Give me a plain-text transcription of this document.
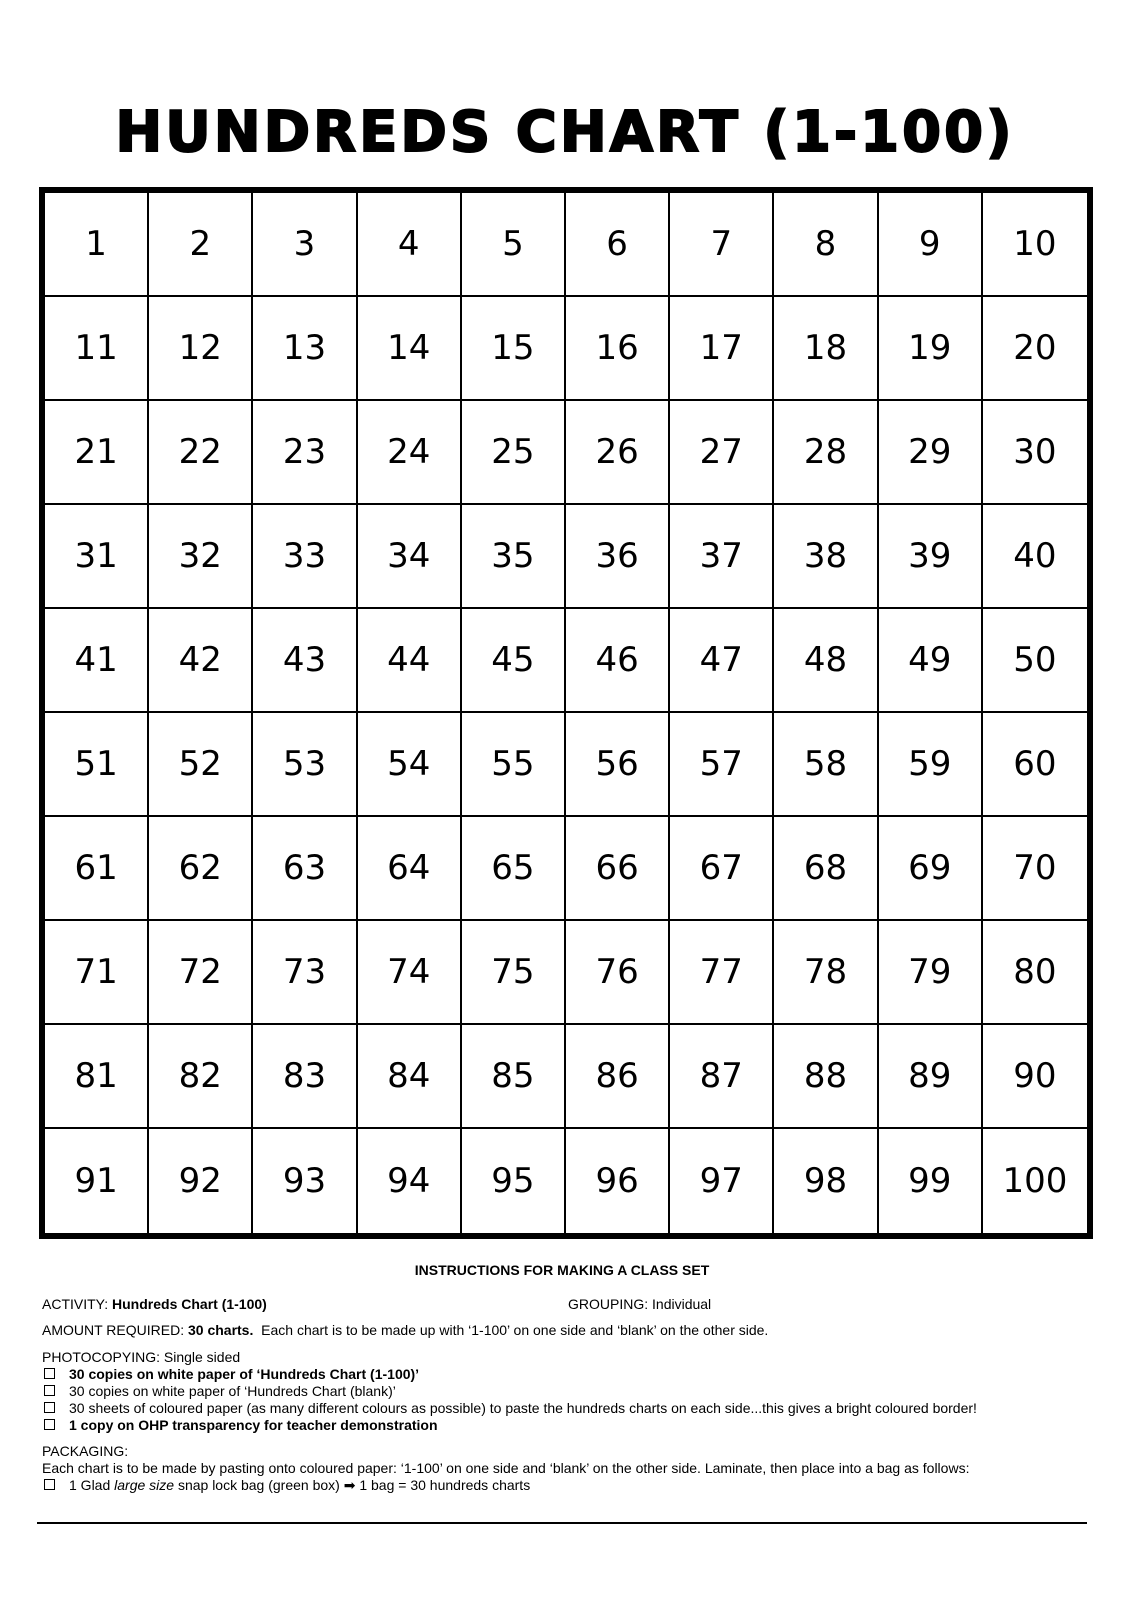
HUNDREDS CHART (1-100)
1	2	3	4	5	6	7	8	9	10
11	12	13	14	15	16	17	18	19	20
21	22	23	24	25	26	27	28	29	30
31	32	33	34	35	36	37	38	39	40
41	42	43	44	45	46	47	48	49	50
51	52	53	54	55	56	57	58	59	60
61	62	63	64	65	66	67	68	69	70
71	72	73	74	75	76	77	78	79	80
81	82	83	84	85	86	87	88	89	90
91	92	93	94	95	96	97	98	99	100
INSTRUCTIONS FOR MAKING A CLASS SET
ACTIVITY: Hundreds Chart (1-100)	GROUPING: Individual
AMOUNT REQUIRED: 30 charts. Each chart is to be made up with ‘1-100’ on one side and ‘blank’ on the other side.
PHOTOCOPYING: Single sided
30 copies on white paper of ‘Hundreds Chart (1-100)’
30 copies on white paper of ‘Hundreds Chart (blank)’
30 sheets of coloured paper (as many different colours as possible) to paste the hundreds charts on each side...this gives a bright coloured border!
1 copy on OHP transparency for teacher demonstration
PACKAGING:
Each chart is to be made by pasting onto coloured paper: ‘1-100’ on one side and ‘blank’ on the other side. Laminate, then place into a bag as follows:
1 Glad large size snap lock bag (green box) ➡ 1 bag = 30 hundreds charts
